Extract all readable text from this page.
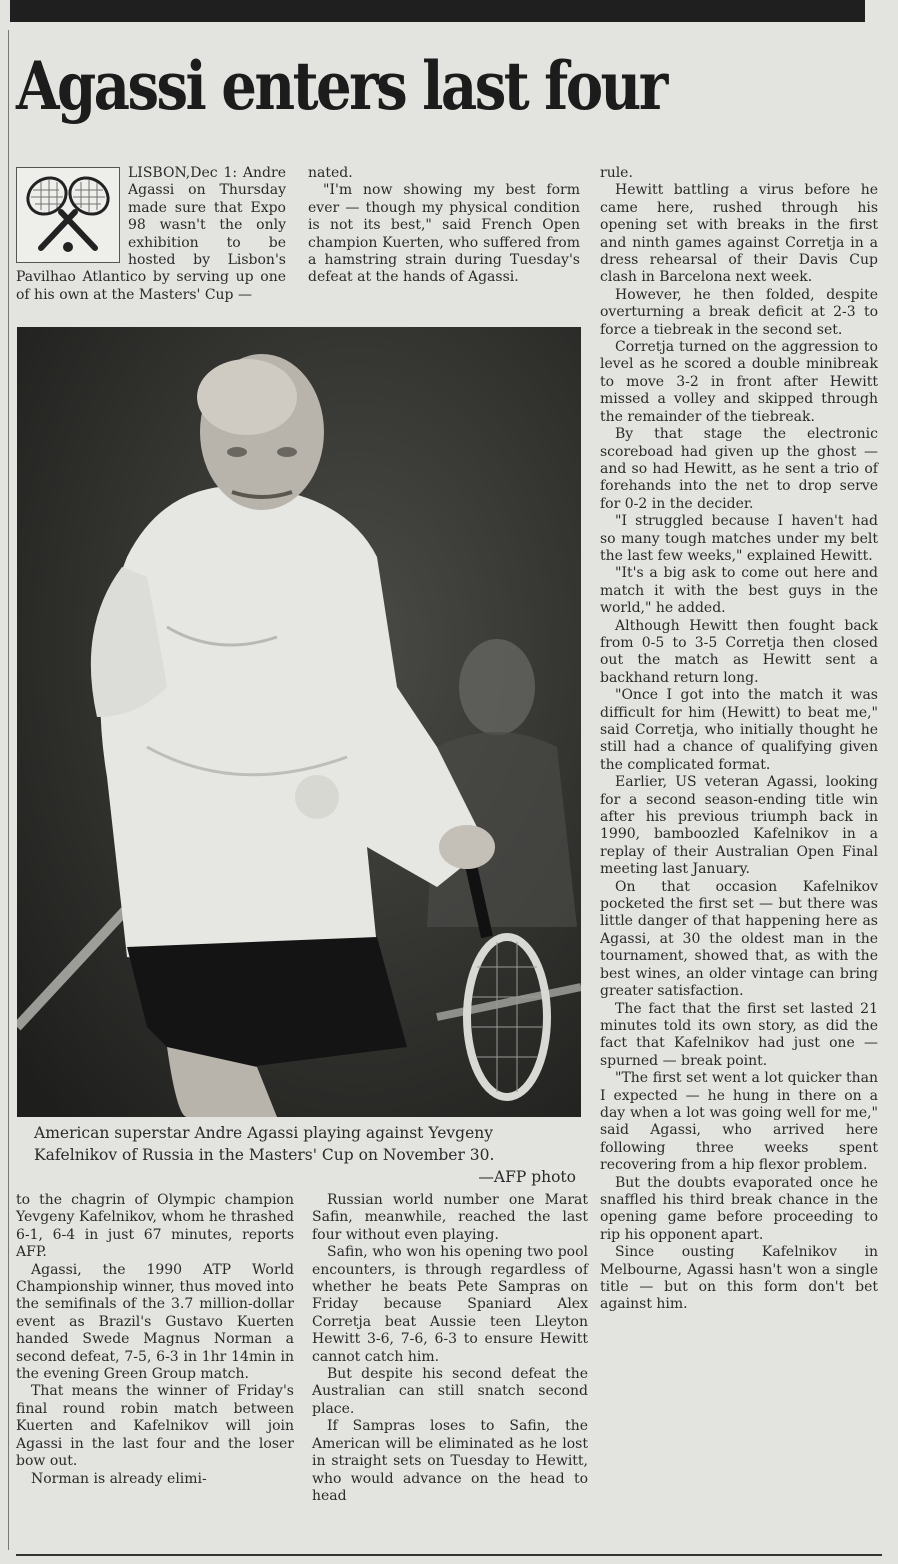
Agassi enters last four

LISBON,Dec 1: Andre Agassi on Thursday made sure that Expo 98 wasn't the only exhibition to be hosted by Lisbon's Pavilhao Atlantico by serving up one of his own at the Masters' Cup —

nated.

"I'm now showing my best form ever — though my physical condition is not its best," said French Open champion Kuerten, who suffered from a hamstring strain during Tuesday's defeat at the hands of Agassi.

rule.

Hewitt battling a virus before he came here, rushed through his opening set with breaks in the first and ninth games against Corretja in a dress rehearsal of their Davis Cup clash in Barcelona next week.

However, he then folded, despite overturning a break deficit at 2-3 to force a tiebreak in the second set.

Corretja turned on the aggression to level as he scored a double minibreak to move 3-2 in front after Hewitt missed a volley and skipped through the remainder of the tiebreak.

By that stage the electronic scoreboad had given up the ghost — and so had Hewitt, as he sent a trio of forehands into the net to drop serve for 0-2 in the decider.

"I struggled because I haven't had so many tough matches under my belt the last few weeks," explained Hewitt.

"It's a big ask to come out here and match it with the best guys in the world," he added.

Although Hewitt then fought back from 0-5 to 3-5 Corretja then closed out the match as Hewitt sent a backhand return long.

"Once I got into the match it was difficult for him (Hewitt) to beat me," said Corretja, who initially thought he still had a chance of qualifying given the complicated format.

Earlier, US veteran Agassi, looking for a second season-ending title win after his previous triumph back in 1990, bamboozled Kafelnikov in a replay of their Australian Open Final meeting last January.

On that occasion Kafelnikov pocketed the first set — but there was little danger of that happening here as Agassi, at 30 the oldest man in the tournament, showed that, as with the best wines, an older vintage can bring greater satisfaction.

The fact that the first set lasted 21 minutes told its own story, as did the fact that Kafelnikov had just one — spurned — break point.

"The first set went a lot quicker than I expected — he hung in there on a day when a lot was going well for me," said Agassi, who arrived here following three weeks spent recovering from a hip flexor problem.

But the doubts evaporated once he snaffled his third break chance in the opening game before proceeding to rip his opponent apart.

Since ousting Kafelnikov in Melbourne, Agassi hasn't won a single title — but on this form don't bet against him.

American superstar Andre Agassi playing against Yevgeny Kafelnikov of Russia in the Masters' Cup on November 30.
—AFP photo

to the chagrin of Olympic champion Yevgeny Kafelnikov, whom he thrashed 6-1, 6-4 in just 67 minutes, reports AFP.

Agassi, the 1990 ATP World Championship winner, thus moved into the semifinals of the 3.7 million-dollar event as Brazil's Gustavo Kuerten handed Swede Magnus Norman a second defeat, 7-5, 6-3 in 1hr 14min in the evening Green Group match.

That means the winner of Friday's final round robin match between Kuerten and Kafelnikov will join Agassi in the last four and the loser bow out.

Norman is already elimi-

Russian world number one Marat Safin, meanwhile, reached the last four without even playing.

Safin, who won his opening two pool encounters, is through regardless of whether he beats Pete Sampras on Friday because Spaniard Alex Corretja beat Aussie teen Lleyton Hewitt 3-6, 7-6, 6-3 to ensure Hewitt cannot catch him.

But despite his second defeat the Australian can still snatch second place.

If Sampras loses to Safin, the American will be eliminated as he lost in straight sets on Tuesday to Hewitt, who would advance on the head to head
